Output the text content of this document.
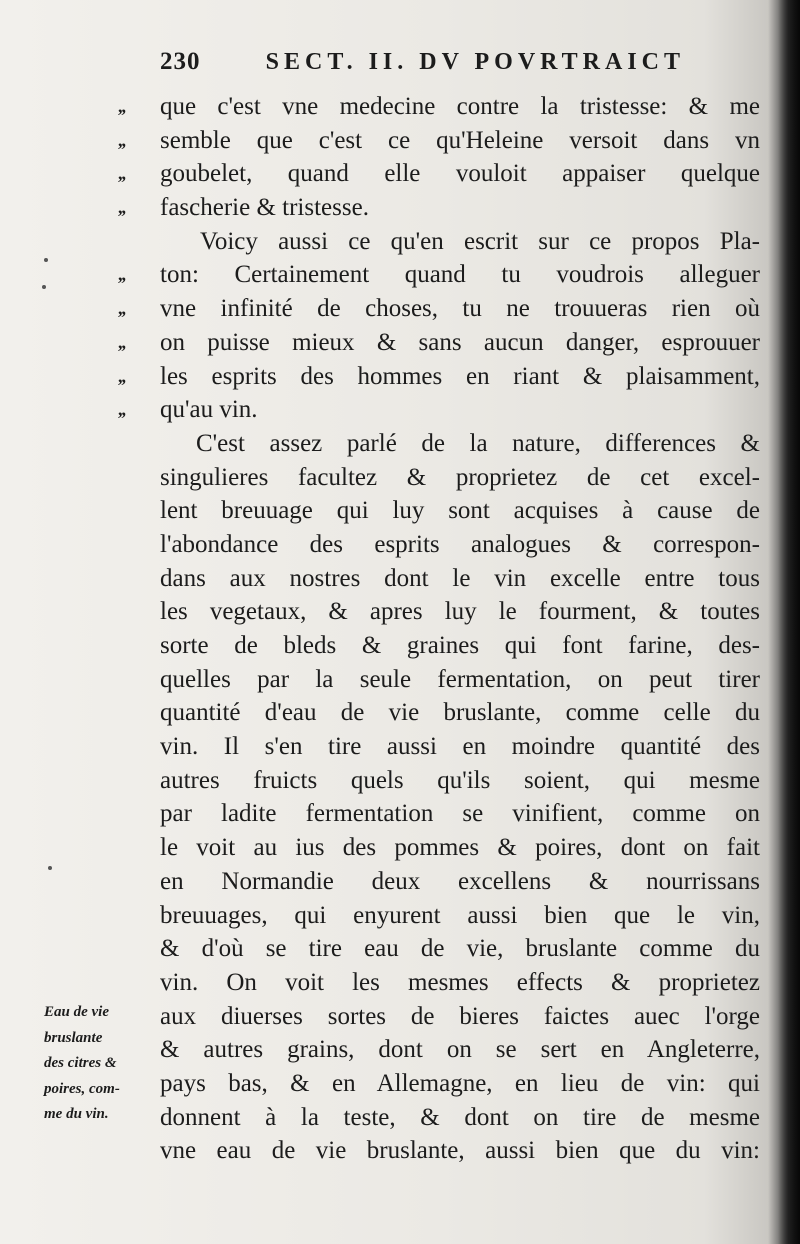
230	SECT. II. DV POVRTRAICT
,,
,,
,,
,,
,,
,,
,,
,,
,,
que c'est vne medecine contre la tristesse: & me
semble que c'est ce qu'Heleine versoit dans vn
goubelet, quand elle vouloit appaiser quelque
fascherie & tristesse.
Voicy aussi ce qu'en escrit sur ce propos Pla-
ton: Certainement quand tu voudrois alleguer
vne infinité de choses, tu ne trouueras rien où
on puisse mieux & sans aucun danger, esprouuer
les esprits des hommes en riant & plaisamment,
qu'au vin.
C'est assez parlé de la nature, differences &
singulieres facultez & proprietez de cet excel-
lent breuuage qui luy sont acquises à cause de
l'abondance des esprits analogues & correspon-
dans aux nostres dont le vin excelle entre tous
les vegetaux, & apres luy le fourment, & toutes
sorte de bleds & graines qui font farine, des-
quelles par la seule fermentation, on peut tirer
quantité d'eau de vie bruslante, comme celle du
vin. Il s'en tire aussi en moindre quantité des
autres fruicts quels qu'ils soient, qui mesme
par ladite fermentation se vinifient, comme on
le voit au ius des pommes & poires, dont on fait
en Normandie deux excellens & nourrissans
breuuages, qui enyurent aussi bien que le vin,
& d'où se tire eau de vie, bruslante comme du
vin. On voit les mesmes effects & proprietez
aux diuerses sortes de bieres faictes auec l'orge
& autres grains, dont on se sert en Angleterre,
pays bas, & en Allemagne, en lieu de vin: qui
donnent à la teste, & dont on tire de mesme
vne eau de vie bruslante, aussi bien que du vin:
Eau de vie
bruslante
des citres &
poires, com-
me du vin.
